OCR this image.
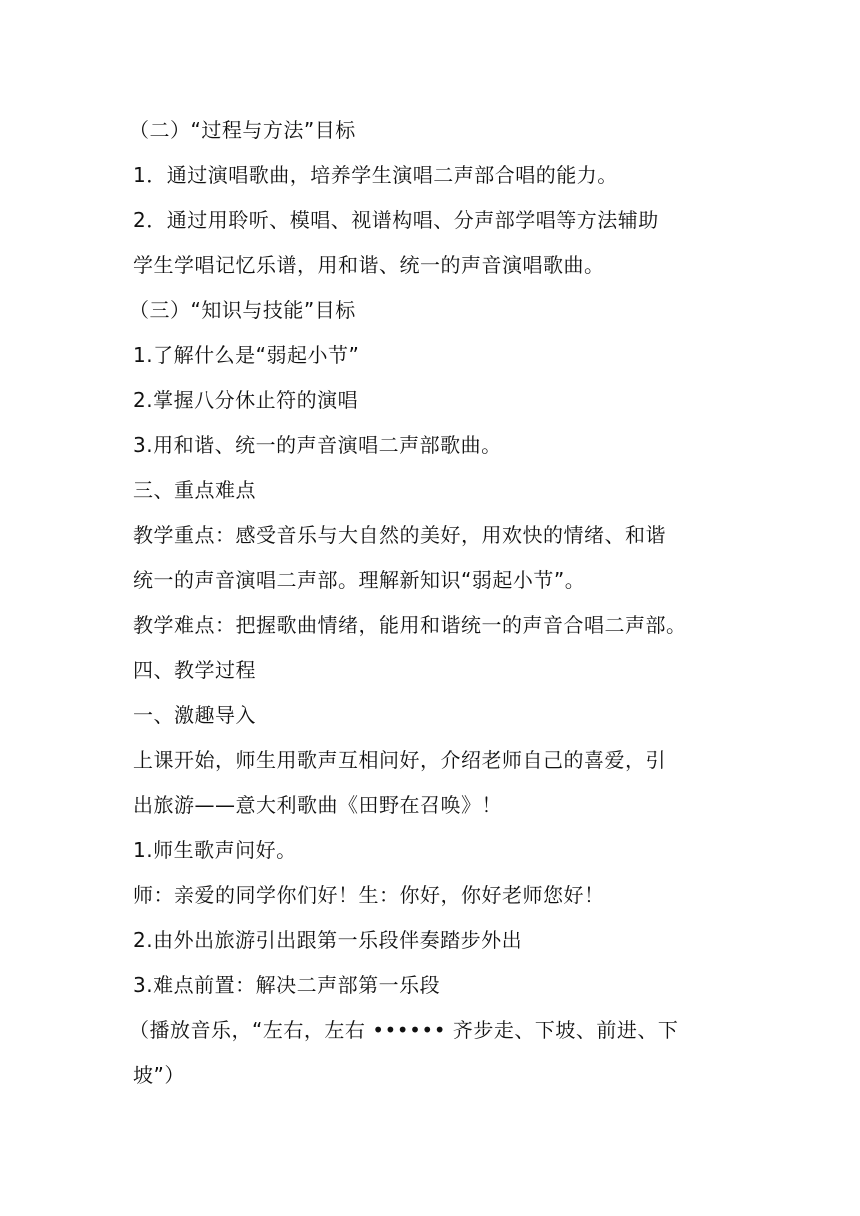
（二）“过程与方法”目标

1．通过演唱歌曲，培养学生演唱二声部合唱的能力。

2．通过用聆听、模唱、视谱构唱、分声部学唱等方法辅助

学生学唱记忆乐谱，用和谐、统一的声音演唱歌曲。

（三）“知识与技能”目标

1.了解什么是“弱起小节”

2.掌握八分休止符的演唱

3.用和谐、统一的声音演唱二声部歌曲。

三、重点难点

教学重点：感受音乐与大自然的美好，用欢快的情绪、和谐

统一的声音演唱二声部。理解新知识“弱起小节”。

教学难点：把握歌曲情绪，能用和谐统一的声音合唱二声部。

四、教学过程

一、激趣导入

上课开始，师生用歌声互相问好，介绍老师自己的喜爱，引

出旅游——意大利歌曲《田野在召唤》！

1.师生歌声问好。

师：亲爱的同学你们好！生：你好，你好老师您好！

2.由外出旅游引出跟第一乐段伴奏踏步外出

3.难点前置：解决二声部第一乐段

（播放音乐，“左右，左右 •••••• 齐步走、下坡、前进、下

坡”）
